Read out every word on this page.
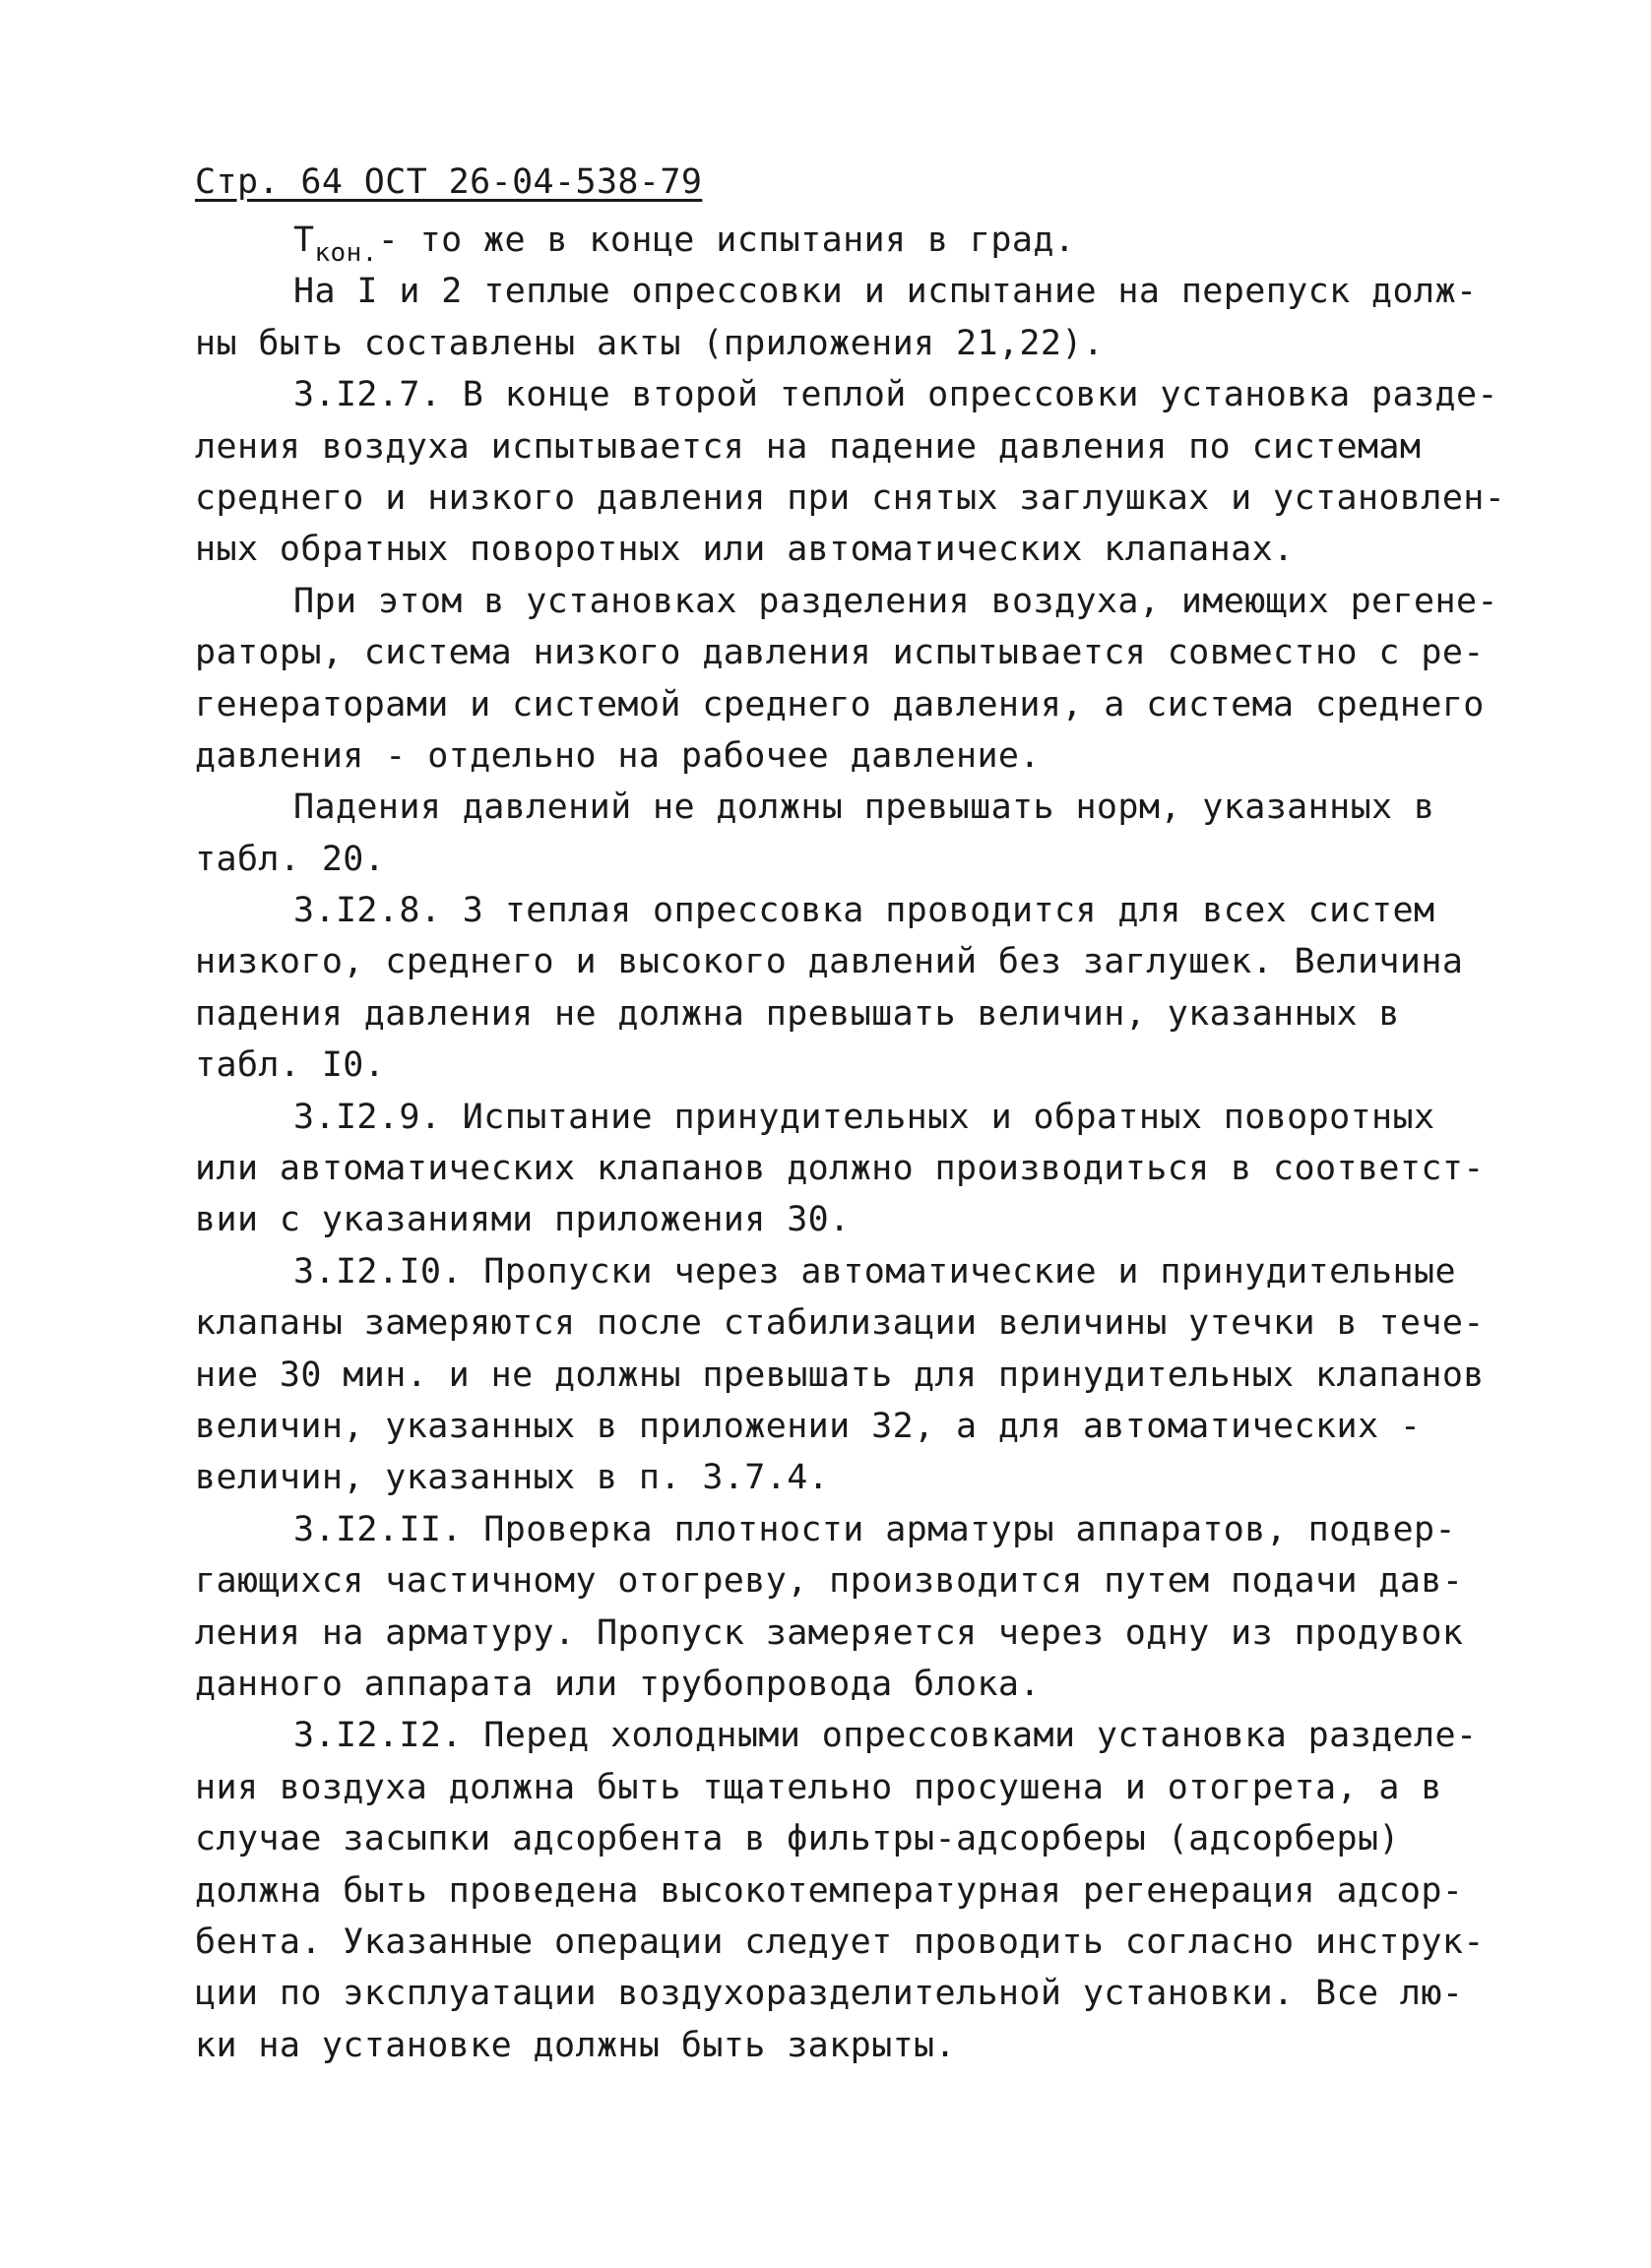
Стр. 64 ОСТ 26-04-538-79
$Т_{кон.}-$ то же в конце испытания в град.
На I и 2 теплые опрессовки и испытание на перепуск долж-
ны быть составлены акты (приложения 21,22).
3.I2.7. В конце второй теплой опрессовки установка разде-
ления воздуха испытывается на падение давления по системам
среднего и низкого давления при снятых заглушках и установлен-
ных обратных поворотных или автоматических клапанах.
При этом в установках разделения воздуха, имеющих регене-
раторы, система низкого давления испытывается совместно с ре-
генераторами и системой среднего давления, а система среднего
давления - отдельно на рабочее давление.
Падения давлений не должны превышать норм, указанных в
табл. 20.
3.I2.8. 3 теплая опрессовка проводится для всех систем
низкого, среднего и высокого давлений без заглушек. Величина
падения давления не должна превышать величин, указанных в
табл. I0.
3.I2.9. Испытание принудительных и обратных поворотных
или автоматических клапанов должно производиться в соответст-
вии с указаниями приложения 30.
3.I2.I0. Пропуски через автоматические и принудительные
клапаны замеряются после стабилизации величины утечки в тече-
ние 30 мин. и не должны превышать для принудительных клапанов
величин, указанных в приложении 32, а для автоматических -
величин, указанных в п. 3.7.4.
3.I2.II. Проверка плотности арматуры аппаратов, подвер-
гающихся частичному отогреву, производится путем подачи дав-
ления на арматуру. Пропуск замеряется через одну из продувок
данного аппарата или трубопровода блока.
3.I2.I2. Перед холодными опрессовками установка разделе-
ния воздуха должна быть тщательно просушена и отогрета, а в
случае засыпки адсорбента в фильтры-адсорберы (адсорберы)
должна быть проведена высокотемпературная регенерация адсор-
бента. Указанные операции следует проводить согласно инструк-
ции по эксплуатации воздухоразделительной установки. Все лю-
ки на установке должны быть закрыты.
